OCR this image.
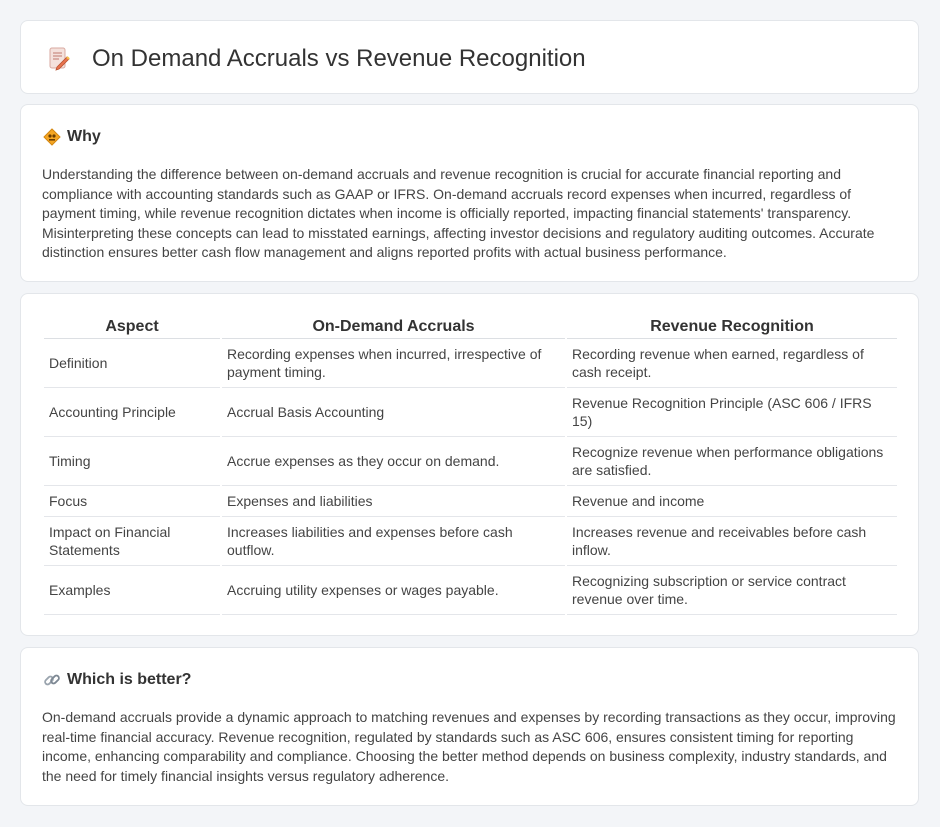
On Demand Accruals vs Revenue Recognition
Why

Understanding the difference between on-demand accruals and revenue recognition is crucial for accurate financial reporting and compliance with accounting standards such as GAAP or IFRS. On-demand accruals record expenses when incurred, regardless of payment timing, while revenue recognition dictates when income is officially reported, impacting financial statements' transparency. Misinterpreting these concepts can lead to misstated earnings, affecting investor decisions and regulatory auditing outcomes. Accurate distinction ensures better cash flow management and aligns reported profits with actual business performance.

Aspect	On-Demand Accruals	Revenue Recognition
Definition	Recording expenses when incurred, irrespective of payment timing.	Recording revenue when earned, regardless of cash receipt.
Accounting Principle	Accrual Basis Accounting	Revenue Recognition Principle (ASC 606 / IFRS 15)
Timing	Accrue expenses as they occur on demand.	Recognize revenue when performance obligations are satisfied.
Focus	Expenses and liabilities	Revenue and income
Impact on Financial Statements	Increases liabilities and expenses before cash outflow.	Increases revenue and receivables before cash inflow.
Examples	Accruing utility expenses or wages payable.	Recognizing subscription or service contract revenue over time.
Which is better?

On-demand accruals provide a dynamic approach to matching revenues and expenses by recording transactions as they occur, improving real-time financial accuracy. Revenue recognition, regulated by standards such as ASC 606, ensures consistent timing for reporting income, enhancing comparability and compliance. Choosing the better method depends on business complexity, industry standards, and the need for timely financial insights versus regulatory adherence.
